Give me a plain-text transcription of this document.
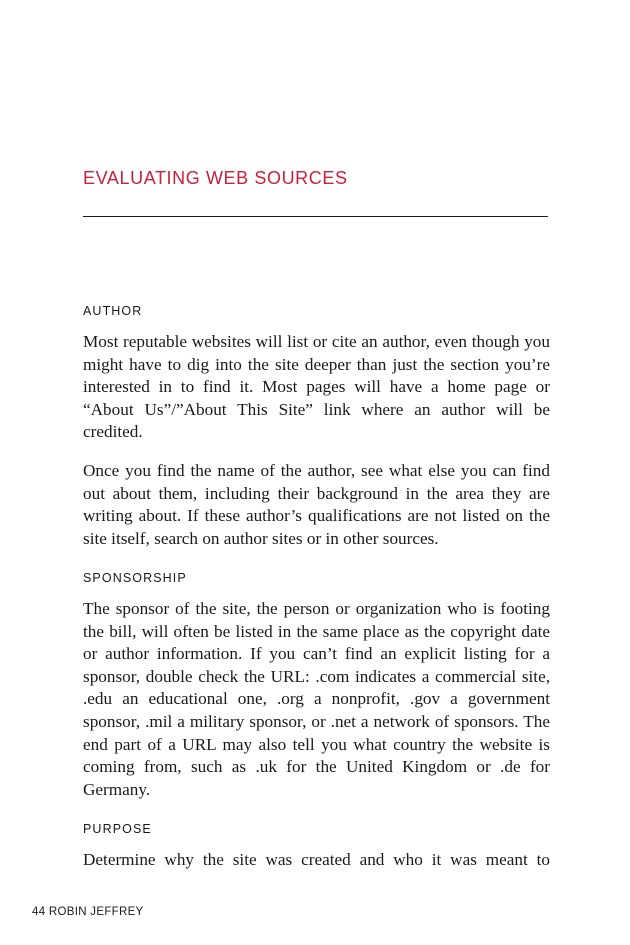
EVALUATING WEB SOURCES
AUTHOR

Most reputable websites will list or cite an author, even though you might have to dig into the site deeper than just the section you’re interested in to find it. Most pages will have a home page or “About Us”/”About This Site” link where an author will be credited.

Once you find the name of the author, see what else you can find out about them, including their background in the area they are writing about. If these author’s qualifications are not listed on the site itself, search on author sites or in other sources.

SPONSORSHIP

The sponsor of the site, the person or organization who is footing the bill, will often be listed in the same place as the copyright date or author information. If you can’t find an explicit listing for a sponsor, double check the URL: .com indicates a commercial site, .edu an educational one, .org a nonprofit, .gov a government sponsor, .mil a military sponsor, or .net a network of sponsors. The end part of a URL may also tell you what country the website is coming from, such as .uk for the United Kingdom or .de for Germany.

PURPOSE

Determine why the site was created and who it was meant to

44 ROBIN JEFFREY
